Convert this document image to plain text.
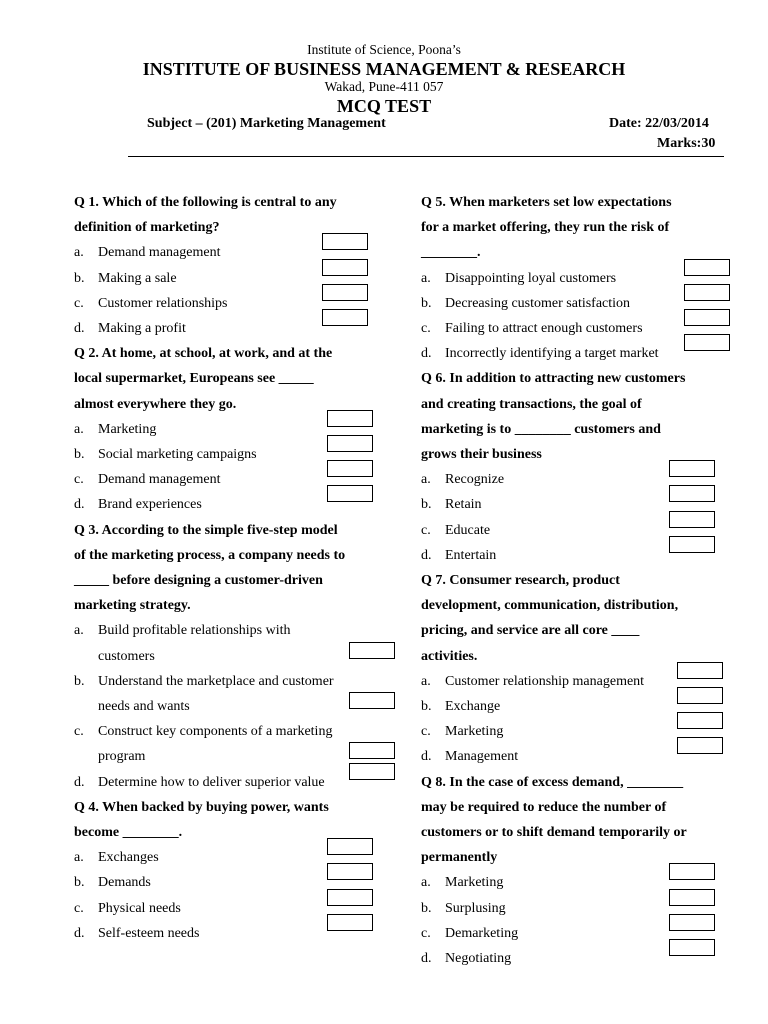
Institute of Science, Poona’s
INSTITUTE OF BUSINESS MANAGEMENT & RESEARCH
Wakad, Pune-411 057
MCQ TEST
Subject – (201) Marketing Management	Date: 22/03/2014
Marks:30
Q 1. Which of the following is central to any
definition of marketing?
a. Demand management
b. Making a sale
c. Customer relationships
d. Making a profit
Q 2. At home, at school, at work, and at the
local supermarket, Europeans see _____
almost everywhere they go.
a. Marketing
b. Social marketing campaigns
c. Demand management
d. Brand experiences
Q 3. According to the simple five-step model
of the marketing process, a company needs to
_____ before designing a customer-driven
marketing strategy.
a. Build profitable relationships with
customers
b. Understand the marketplace and customer
needs and wants
c. Construct key components of a marketing
program
d. Determine how to deliver superior value
Q 4. When backed by buying power, wants
become ________.
a. Exchanges
b. Demands
c. Physical needs
d. Self-esteem needs
Q 5. When marketers set low expectations
for a market offering, they run the risk of
________.
a. Disappointing loyal customers
b. Decreasing customer satisfaction
c. Failing to attract enough customers
d. Incorrectly identifying a target market
Q 6. In addition to attracting new customers
and creating transactions, the goal of
marketing is to ________ customers and
grows their business
a. Recognize
b. Retain
c. Educate
d. Entertain
Q 7. Consumer research, product
development, communication, distribution,
pricing, and service are all core ____
activities.
a. Customer relationship management
b. Exchange
c. Marketing
d. Management
Q 8. In the case of excess demand, ________
may be required to reduce the number of
customers or to shift demand temporarily or
permanently
a. Marketing
b. Surplusing
c. Demarketing
d. Negotiating
